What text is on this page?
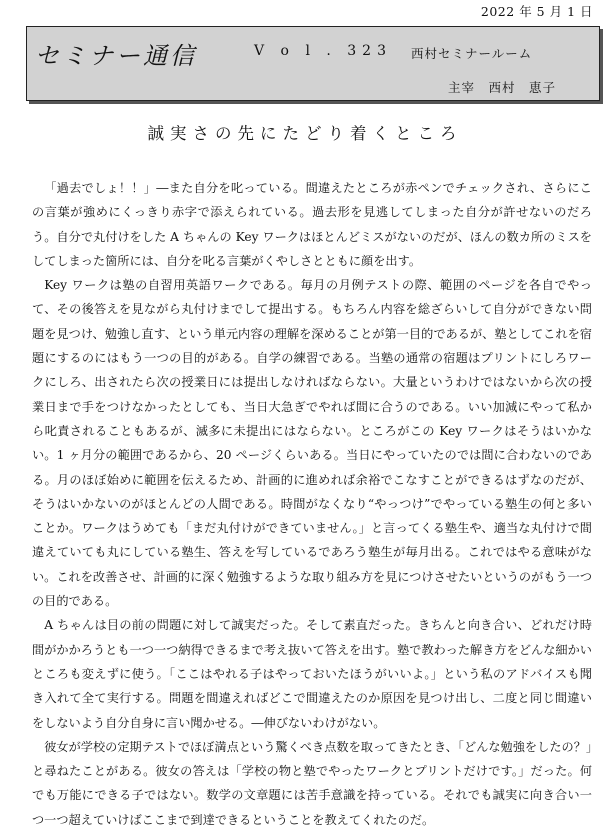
2022 年 5 月 1 日
セミナー通信	V o l . 323 西村セミナールーム
主宰　西村　恵子
誠実さの先にたどり着くところ

「過去でしょ！！」―また自分を叱っている。間違えたところが赤ペンでチェックされ、さらにこの言葉が強めにくっきり赤字で添えられている。過去形を見逃してしまった自分が許せないのだろう。自分で丸付けをした A ちゃんの Key ワークはほとんどミスがないのだが、ほんの数カ所のミスをしてしまった箇所には、自分を叱る言葉がくやしさとともに顔を出す。

Key ワークは塾の自習用英語ワークである。毎月の月例テストの際、範囲のページを各自でやって、その後答えを見ながら丸付けまでして提出する。もちろん内容を総ざらいして自分ができない問題を見つけ、勉強し直す、という単元内容の理解を深めることが第一目的であるが、塾としてこれを宿題にするのにはもう一つの目的がある。自学の練習である。当塾の通常の宿題はプリントにしろワークにしろ、出されたら次の授業日には提出しなければならない。大量というわけではないから次の授業日まで手をつけなかったとしても、当日大急ぎでやれば間に合うのである。いい加減にやって私から叱責されることもあるが、滅多に未提出にはならない。ところがこの Key ワークはそうはいかない。1 ヶ月分の範囲であるから、20 ページくらいある。当日にやっていたのでは間に合わないのである。月のほぼ始めに範囲を伝えるため、計画的に進めれば余裕でこなすことができるはずなのだが、そうはいかないのがほとんどの人間である。時間がなくなり“やっつけ”でやっている塾生の何と多いことか。ワークはうめても「まだ丸付けができていません。」と言ってくる塾生や、適当な丸付けで間違えていても丸にしている塾生、答えを写しているであろう塾生が毎月出る。これではやる意味がない。これを改善させ、計画的に深く勉強するような取り組み方を見につけさせたいというのがもう一つの目的である。

A ちゃんは目の前の問題に対して誠実だった。そして素直だった。きちんと向き合い、どれだけ時間がかかろうとも一つ一つ納得できるまで考え抜いて答えを出す。塾で教わった解き方をどんな細かいところも変えずに使う。「ここはやれる子はやっておいたほうがいいよ。」という私のアドバイスも聞き入れて全て実行する。問題を間違えればどこで間違えたのか原因を見つけ出し、二度と同じ間違いをしないよう自分自身に言い聞かせる。―伸びないわけがない。

彼女が学校の定期テストでほぼ満点という驚くべき点数を取ってきたとき、「どんな勉強をしたの？」と尋ねたことがある。彼女の答えは「学校の物と塾でやったワークとプリントだけです。」だった。何でも万能にできる子ではない。数学の文章題には苦手意識を持っている。それでも誠実に向き合い一つ一つ超えていけばここまで到達できるということを教えてくれたのだ。
